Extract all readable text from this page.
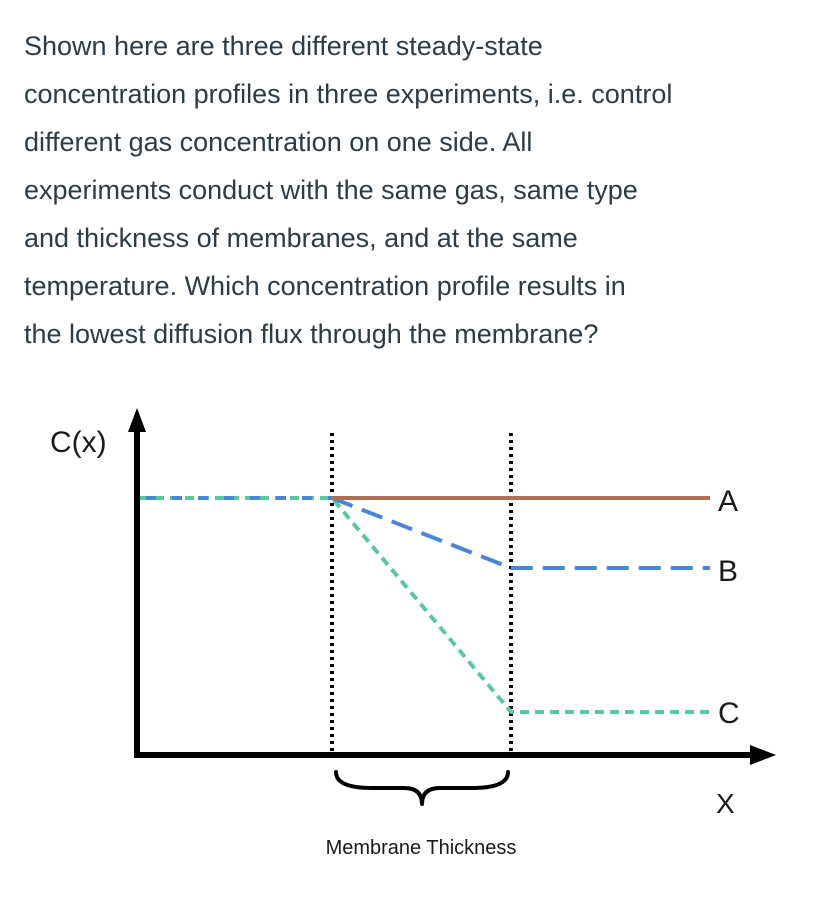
Shown here are three different steady-state
concentration profiles in three experiments, i.e. control
different gas concentration on one side. All
experiments conduct with the same gas, same type
and thickness of membranes, and at the same
temperature. Which concentration profile results in
the lowest diffusion flux through the membrane?

C(x)
A
B
C
X
Membrane Thickness
